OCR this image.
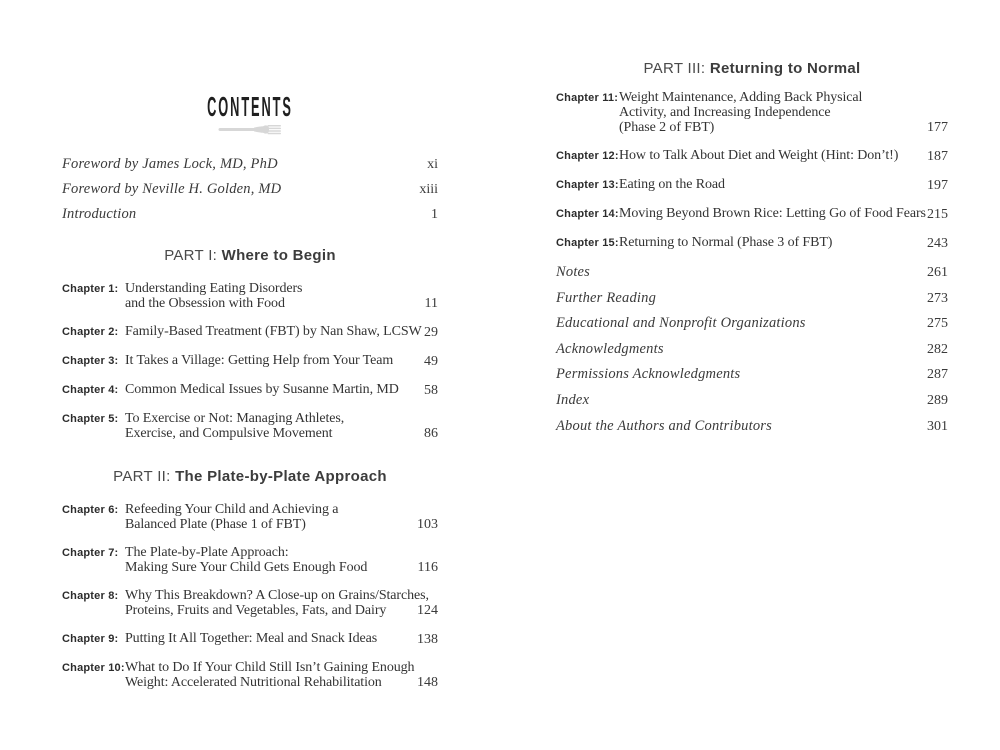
CONTENTS
Foreword by James Lock, MD, PhD	xi
Foreword by Neville H. Golden, MD	xiii
Introduction	1
PART I: Where to Begin
Chapter 1: Understanding Eating Disorders
and the Obsession with Food	11
Chapter 2: Family-Based Treatment (FBT) by Nan Shaw, LCSW 29
Chapter 3: It Takes a Village: Getting Help from Your Team	49
Chapter 4: Common Medical Issues by Susanne Martin, MD	58
Chapter 5: To Exercise or Not: Managing Athletes,
Exercise, and Compulsive Movement	86
PART II: The Plate-by-Plate Approach
Chapter 6: Refeeding Your Child and Achieving a
Balanced Plate (Phase 1 of FBT)	103
Chapter 7: The Plate-by-Plate Approach:
Making Sure Your Child Gets Enough Food	116
Chapter 8: Why This Breakdown? A Close-up on Grains/Starches,
Proteins, Fruits and Vegetables, Fats, and Dairy	124
Chapter 9: Putting It All Together: Meal and Snack Ideas	138
Chapter 10: What to Do If Your Child Still Isn’t Gaining Enough
Weight: Accelerated Nutritional Rehabilitation	148
PART III: Returning to Normal
Chapter 11: Weight Maintenance, Adding Back Physical
Activity, and Increasing Independence
(Phase 2 of FBT)	177
Chapter 12: How to Talk About Diet and Weight (Hint: Don’t!)	187
Chapter 13: Eating on the Road	197
Chapter 14: Moving Beyond Brown Rice: Letting Go of Food Fears 215
Chapter 15: Returning to Normal (Phase 3 of FBT)	243
Notes	261
Further Reading	273
Educational and Nonprofit Organizations	275
Acknowledgments	282
Permissions Acknowledgments	287
Index	289
About the Authors and Contributors	301
